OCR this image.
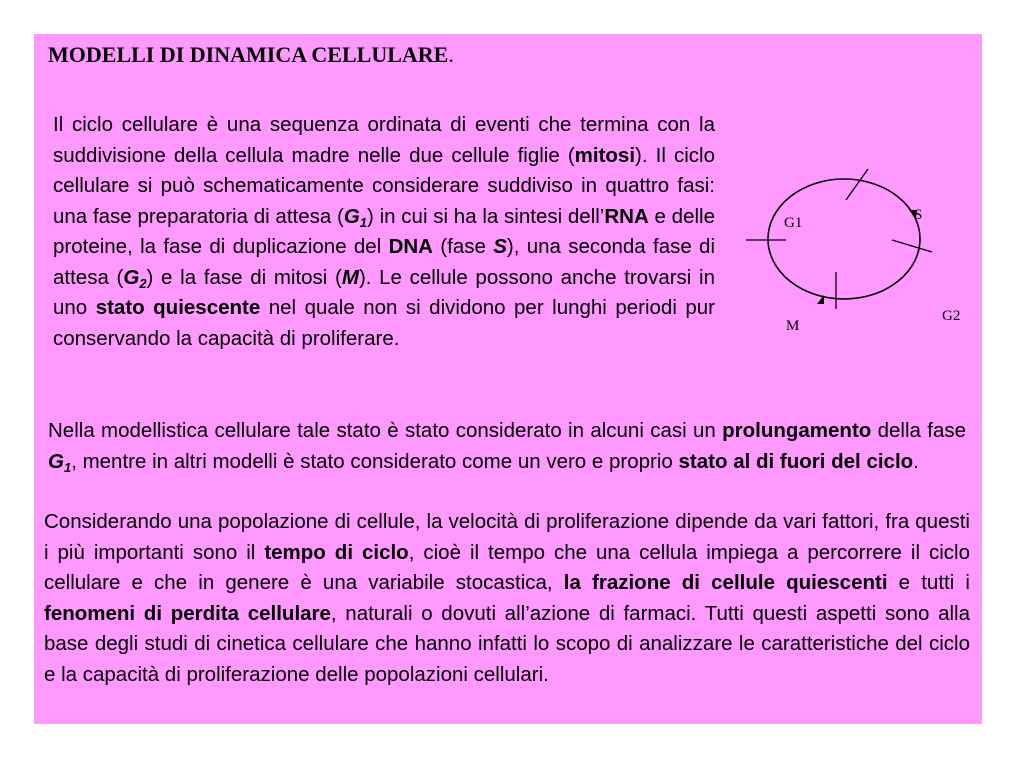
MODELLI DI DINAMICA CELLULARE.

Il ciclo cellulare è una sequenza ordinata di eventi che termina con la suddivisione della cellula madre nelle due cellule figlie (mitosi). Il ciclo cellulare si può schematicamente considerare suddiviso in quattro fasi: una fase preparatoria di attesa $(G_1)$ in cui si ha la sintesi dell’RNA e delle proteine, la fase di duplicazione del DNA (fase S), una seconda fase di attesa $(G_2)$ e la fase di mitosi (M). Le cellule possono anche trovarsi in uno stato quiescente nel quale non si dividono per lunghi periodi pur conservando la capacità di proliferare.

G1	S
G2
M

Nella modellistica cellulare tale stato è stato considerato in alcuni casi un prolungamento della fase $G_1$, mentre in altri modelli è stato considerato come un vero e proprio stato al di fuori del ciclo.

Considerando una popolazione di cellule, la velocità di proliferazione dipende da vari fattori, fra questi i più importanti sono il tempo di ciclo, cioè il tempo che una cellula impiega a percorrere il ciclo cellulare e che in genere è una variabile stocastica, la frazione di cellule quiescenti e tutti i fenomeni di perdita cellulare, naturali o dovuti all’azione di farmaci. Tutti questi aspetti sono alla base degli studi di cinetica cellulare che hanno infatti lo scopo di analizzare le caratteristiche del ciclo e la capacità di proliferazione delle popolazioni cellulari.
